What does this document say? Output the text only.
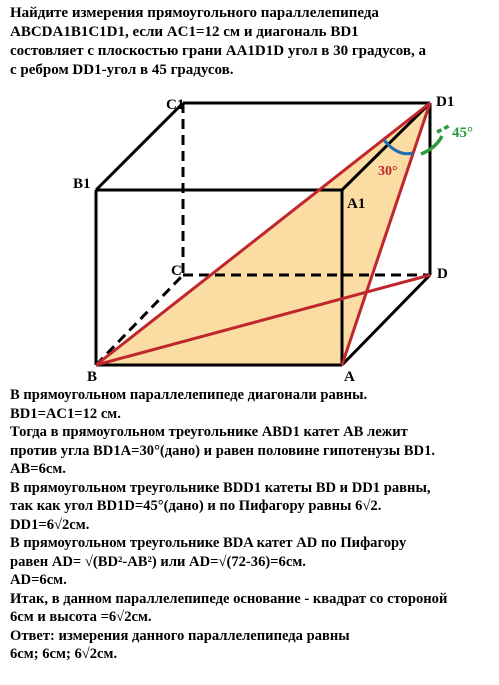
Найдите измерения прямоугольного параллелепипеда
ABCDA1B1C1D1, если AC1=12 см и диагональ BD1
состовляет с плоскостью грани AA1D1D угол в 30 градусов, а
с ребром DD1-угол в 45 градусов.
30°
45°
C1	D1
B1
A1
C	D
B	A
В прямоугольном параллелепипеде диагонали равны.
BD1=AC1=12 см.
Тогда в прямоугольном треугольнике ABD1 катет AB лежит
против угла BD1A=30°(дано) и равен половине гипотенузы BD1.
AB=6см.
В прямоугольном треугольнике BDD1 катеты BD и DD1 равны,
так как угол BD1D=45°(дано) и по Пифагору равны 6√2.
DD1=6√2см.
В прямоугольном треугольнике BDA катет AD по Пифагору
равен AD= √(BD²-AB²) или AD=√(72-36)=6см.
AD=6см.
Итак, в данном параллелепипеде основание - квадрат со стороной
6см и высота =6√2см.
Ответ: измерения данного параллелепипеда равны
6см; 6см; 6√2см.
